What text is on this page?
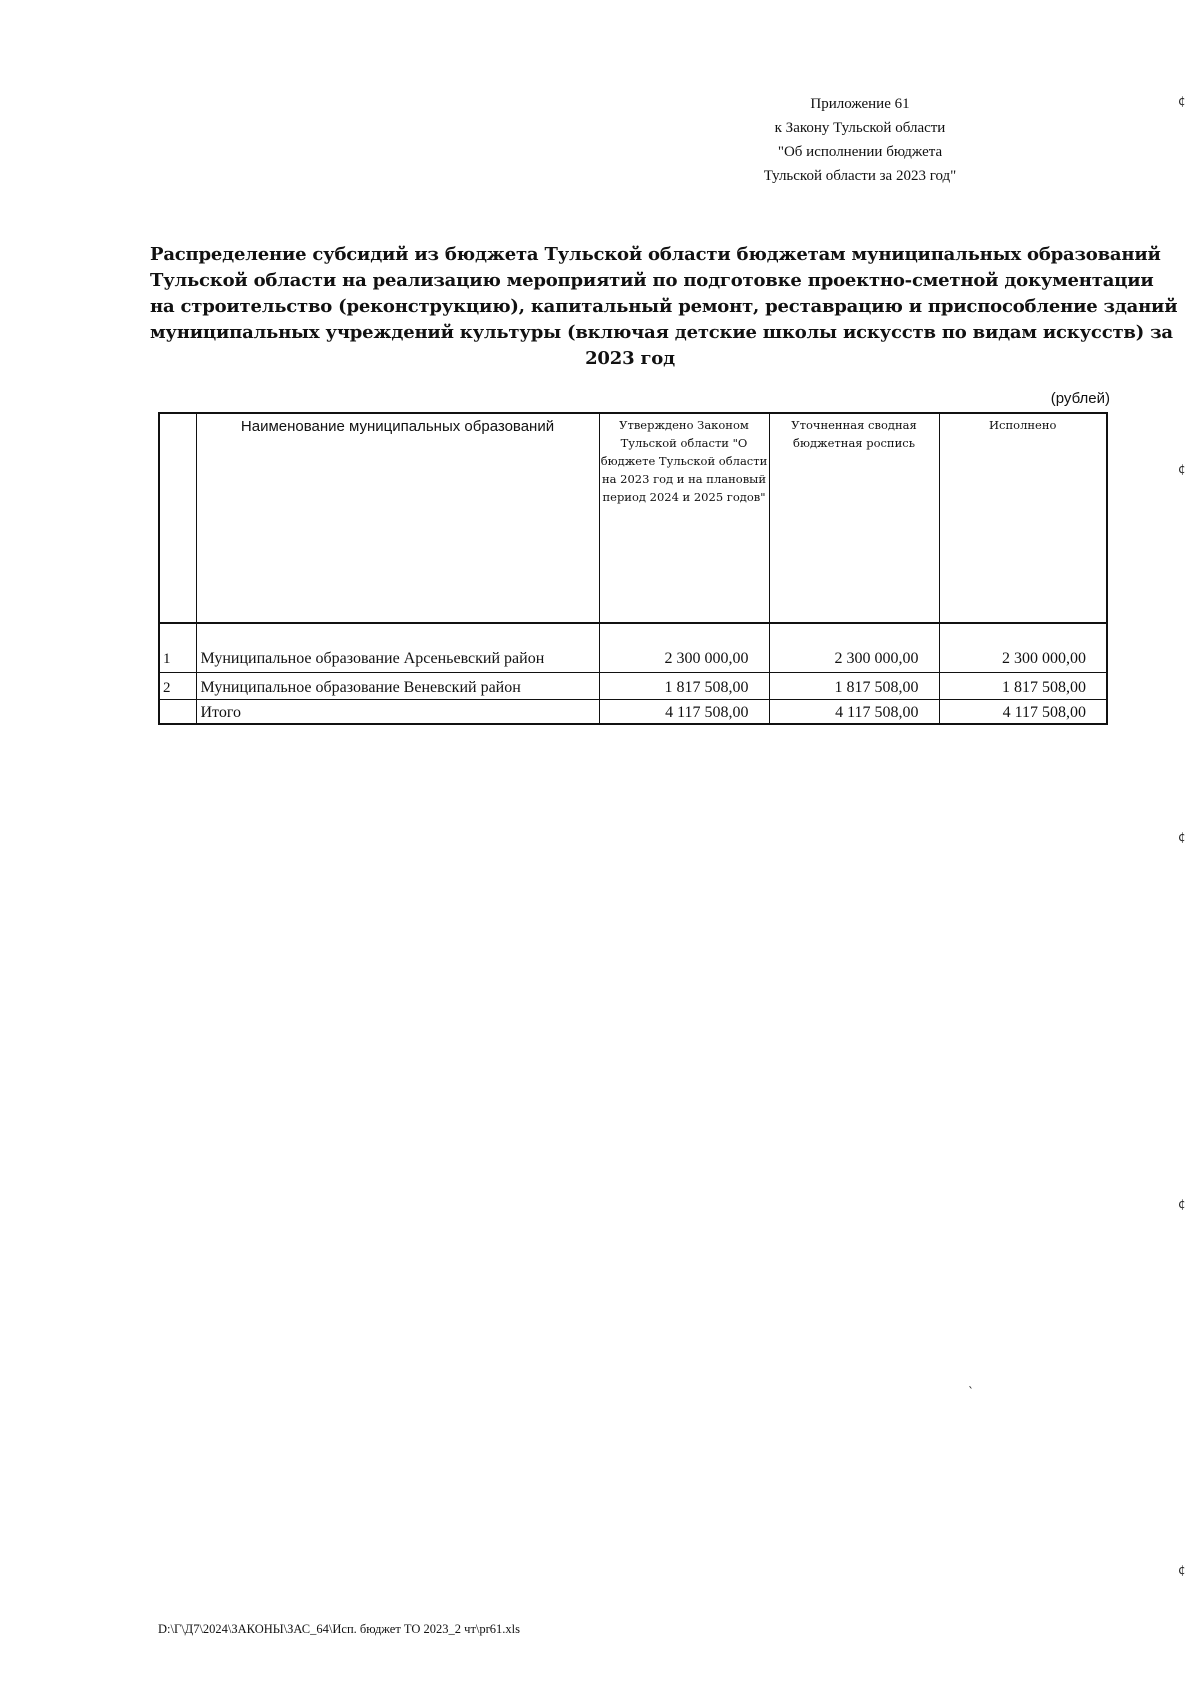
Приложение 61
к Закону Тульской области
"Об исполнении бюджета
Тульской области за 2023 год"
Распределение субсидий из бюджета Тульской области бюджетам муниципальных образований
Тульской области на реализацию мероприятий по подготовке проектно-сметной документации
на строительство (реконструкцию), капитальный ремонт, реставрацию и приспособление зданий
муниципальных учреждений культуры (включая детские школы искусств по видам искусств) за
2023 год
(рублей)
	Наименование муниципальных образований	Утверждено Законом Тульской области "О бюджете Тульской области на 2023 год и на плановый период 2024 и 2025 годов"	Уточненная сводная бюджетная роспись	Исполнено
1	Муниципальное образование Арсеньевский район	2 300 000,00	2 300 000,00	2 300 000,00
2	Муниципальное образование Веневский район	1 817 508,00	1 817 508,00	1 817 508,00
	Итого	4 117 508,00	4 117 508,00	4 117 508,00
¢
¢
¢
¢
¢
`
D:\Г\Д7\2024\ЗАКОНЫ\ЗАС_64\Исп. бюджет ТО 2023_2 чт\pr61.xls
